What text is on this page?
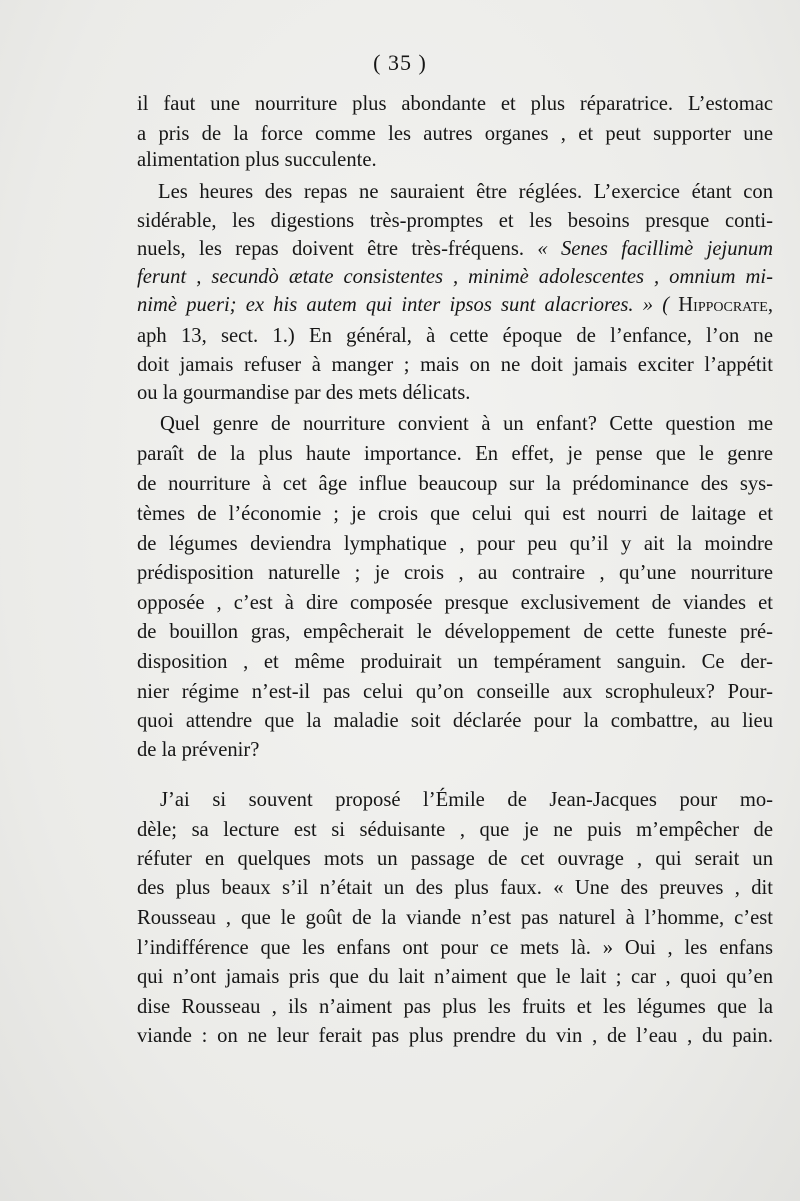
( 35 )
il faut une nourriture plus abondante et plus réparatrice. L’estomac
a pris de la force comme les autres organes , et peut supporter une
alimentation plus succulente.
Les heures des repas ne sauraient être réglées. L’exercice étant con
sidérable, les digestions très-promptes et les besoins presque conti-
nuels, les repas doivent être très-fréquens. « Senes facillimè jejunum
ferunt , secundò ætate consistentes , minimè adolescentes , omnium mi-
nimè pueri; ex his autem qui inter ipsos sunt alacriores. » ( Hippocrate,
aph 13, sect. 1.) En général, à cette époque de l’enfance, l’on ne
doit jamais refuser à manger ; mais on ne doit jamais exciter l’appétit
ou la gourmandise par des mets délicats.
Quel genre de nourriture convient à un enfant? Cette question me
paraît de la plus haute importance. En effet, je pense que le genre
de nourriture à cet âge influe beaucoup sur la prédominance des sys-
tèmes de l’économie ; je crois que celui qui est nourri de laitage et
de légumes deviendra lymphatique , pour peu qu’il y ait la moindre
prédisposition naturelle ; je crois , au contraire , qu’une nourriture
opposée , c’est à dire composée presque exclusivement de viandes et
de bouillon gras, empêcherait le développement de cette funeste pré-
disposition , et même produirait un tempérament sanguin. Ce der-
nier régime n’est-il pas celui qu’on conseille aux scrophuleux? Pour-
quoi attendre que la maladie soit déclarée pour la combattre, au lieu
de la prévenir?
J’ai si souvent proposé l’Émile de Jean-Jacques pour mo-
dèle; sa lecture est si séduisante , que je ne puis m’empêcher de
réfuter en quelques mots un passage de cet ouvrage , qui serait un
des plus beaux s’il n’était un des plus faux. « Une des preuves , dit
Rousseau , que le goût de la viande n’est pas naturel à l’homme, c’est
l’indifférence que les enfans ont pour ce mets là. » Oui , les enfans
qui n’ont jamais pris que du lait n’aiment que le lait ; car , quoi qu’en
dise Rousseau , ils n’aiment pas plus les fruits et les légumes que la
viande : on ne leur ferait pas plus prendre du vin , de l’eau , du pain.
